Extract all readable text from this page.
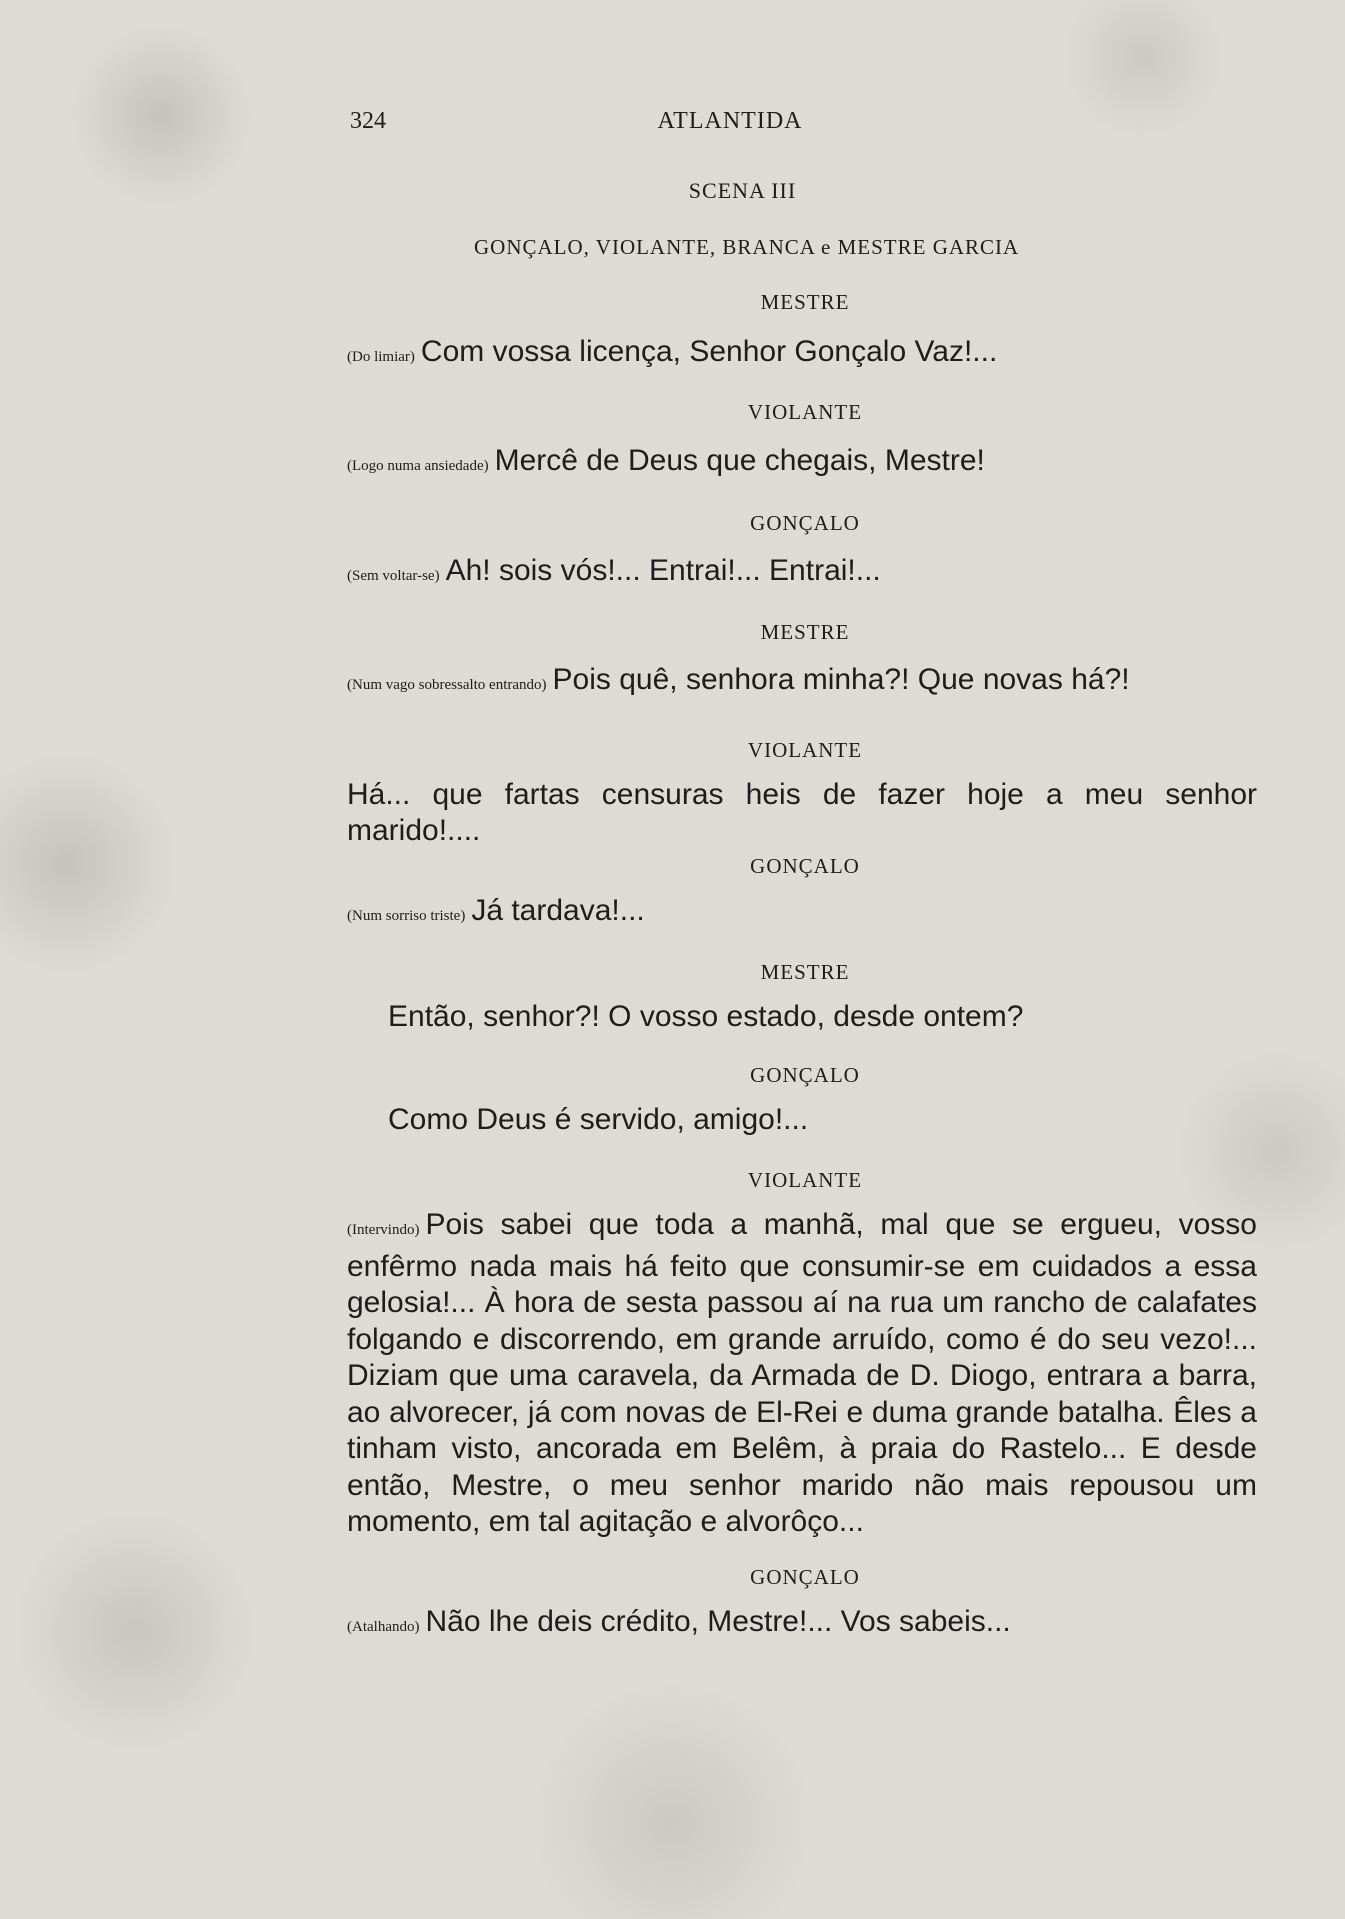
324	ATLANTIDA
SCENA III
GONÇALO, VIOLANTE, BRANCA e MESTRE GARCIA
MESTRE
(Do limiar) Com vossa licença, Senhor Gonçalo Vaz!...
VIOLANTE
(Logo numa ansiedade) Mercê de Deus que chegais, Mestre!
GONÇALO
(Sem voltar-se) Ah! sois vós!... Entrai!... Entrai!...
MESTRE
(Num vago sobressalto entrando) Pois quê, senhora minha?! Que novas há?!
VIOLANTE
Há... que fartas censuras heis de fazer hoje a meu senhor marido!....
GONÇALO
(Num sorriso triste) Já tardava!...
MESTRE
Então, senhor?! O vosso estado, desde ontem?
GONÇALO
Como Deus é servido, amigo!...
VIOLANTE
(Intervindo) Pois sabei que toda a manhã, mal que se ergueu, vosso enfêrmo nada mais há feito que consumir-se em cuidados a essa gelosia!... À hora de sesta passou aí na rua um rancho de calafates folgando e discorrendo, em grande arruído, como é do seu vezo!... Diziam que uma caravela, da Armada de D. Diogo, entrara a barra, ao alvorecer, já com novas de El-Rei e duma grande batalha. Êles a tinham visto, ancorada em Belêm, à praia do Rastelo... E desde então, Mestre, o meu senhor marido não mais repousou um momento, em tal agitação e alvorôço...
GONÇALO
(Atalhando) Não lhe deis crédito, Mestre!... Vos sabeis...
